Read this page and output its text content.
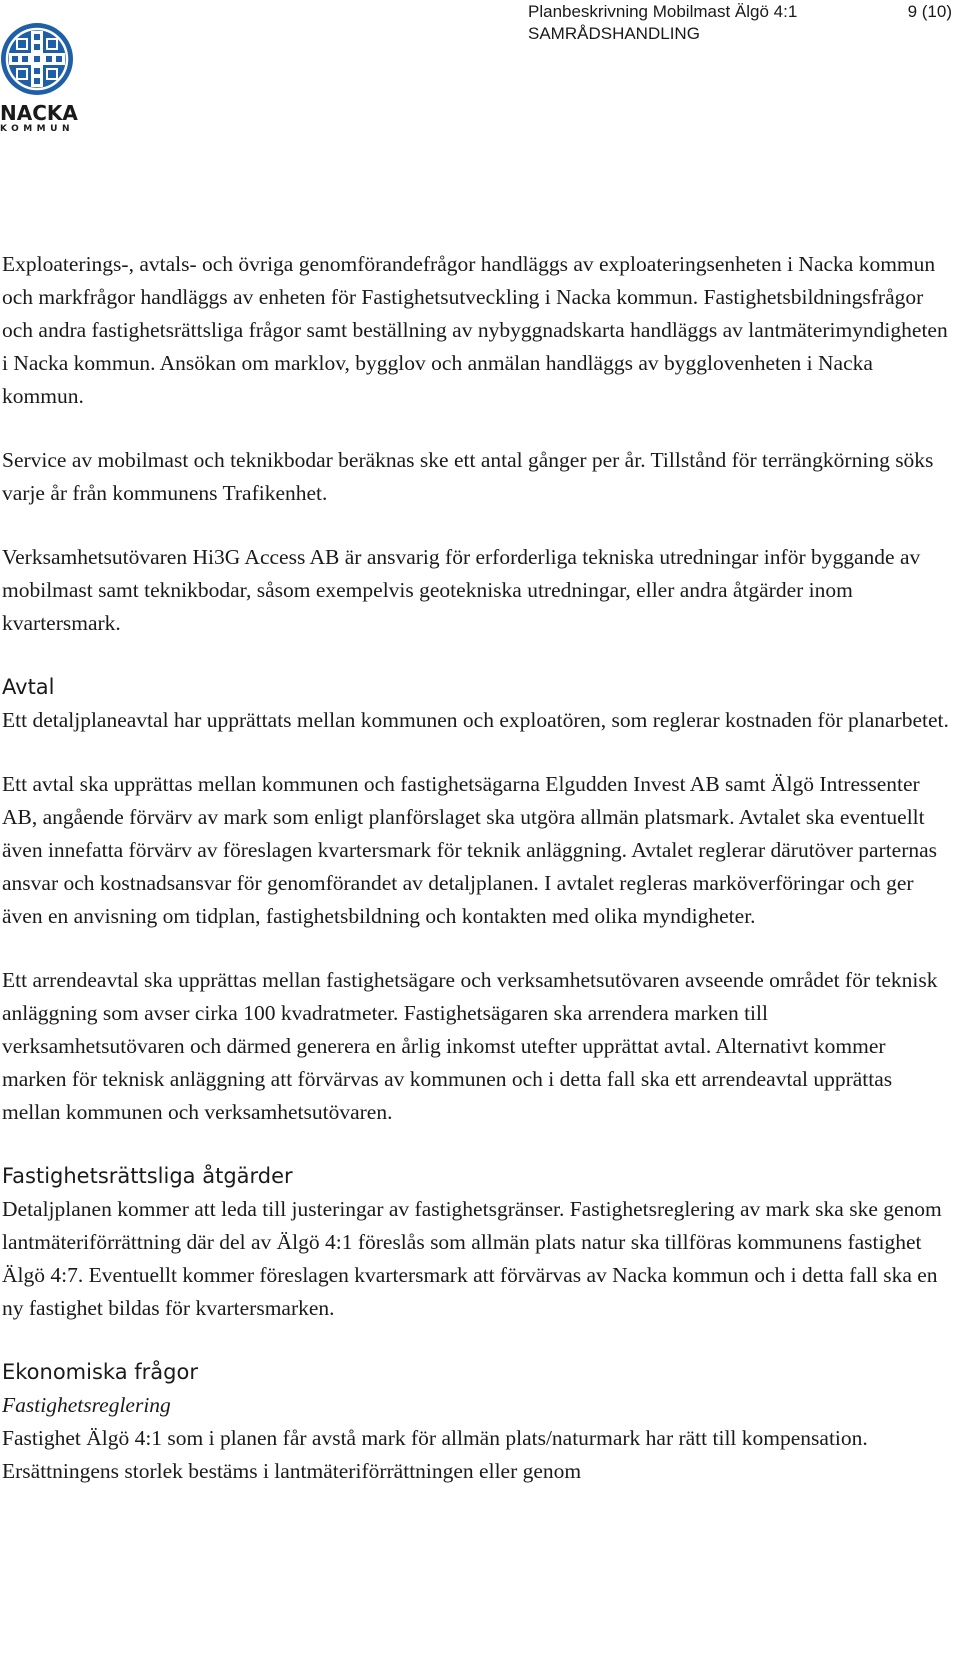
NACKA
KOMMUN
Planbeskrivning Mobilmast Älgö 4:1
SAMRÅDSHANDLING
9 (10)

Exploaterings-, avtals- och övriga genomförandefrågor handläggs av exploateringsenheten i Nacka kommun och markfrågor handläggs av enheten för Fastighetsutveckling i Nacka kommun. Fastighetsbildningsfrågor och andra fastighetsrättsliga frågor samt beställning av nybyggnadskarta handläggs av lantmäterimyndigheten i Nacka kommun. Ansökan om marklov, bygglov och anmälan handläggs av bygglovenheten i Nacka kommun.

Service av mobilmast och teknikbodar beräknas ske ett antal gånger per år. Tillstånd för terrängkörning söks varje år från kommunens Trafikenhet.

Verksamhetsutövaren Hi3G Access AB är ansvarig för erforderliga tekniska utredningar inför byggande av mobilmast samt teknikbodar, såsom exempelvis geotekniska utredningar, eller andra åtgärder inom kvartersmark.

Avtal

Ett detaljplaneavtal har upprättats mellan kommunen och exploatören, som reglerar kostnaden för planarbetet.

Ett avtal ska upprättas mellan kommunen och fastighetsägarna Elgudden Invest AB samt Älgö Intressenter AB, angående förvärv av mark som enligt planförslaget ska utgöra allmän platsmark. Avtalet ska eventuellt även innefatta förvärv av föreslagen kvartersmark för teknik anläggning. Avtalet reglerar därutöver parternas ansvar och kostnadsansvar för genomförandet av detaljplanen. I avtalet regleras marköverföringar och ger även en anvisning om tidplan, fastighetsbildning och kontakten med olika myndigheter.

Ett arrendeavtal ska upprättas mellan fastighetsägare och verksamhetsutövaren avseende området för teknisk anläggning som avser cirka 100 kvadratmeter. Fastighetsägaren ska arrendera marken till verksamhetsutövaren och därmed generera en årlig inkomst utefter upprättat avtal. Alternativt kommer marken för teknisk anläggning att förvärvas av kommunen och i detta fall ska ett arrendeavtal upprättas mellan kommunen och verksamhetsutövaren.

Fastighetsrättsliga åtgärder

Detaljplanen kommer att leda till justeringar av fastighetsgränser. Fastighetsreglering av mark ska ske genom lantmäteriförrättning där del av Älgö 4:1 föreslås som allmän plats natur ska tillföras kommunens fastighet Älgö 4:7. Eventuellt kommer föreslagen kvartersmark att förvärvas av Nacka kommun och i detta fall ska en ny fastighet bildas för kvartersmarken.

Ekonomiska frågor
Fastighetsreglering

Fastighet Älgö 4:1 som i planen får avstå mark för allmän plats/naturmark har rätt till kompensation. Ersättningens storlek bestäms i lantmäteriförrättningen eller genom
